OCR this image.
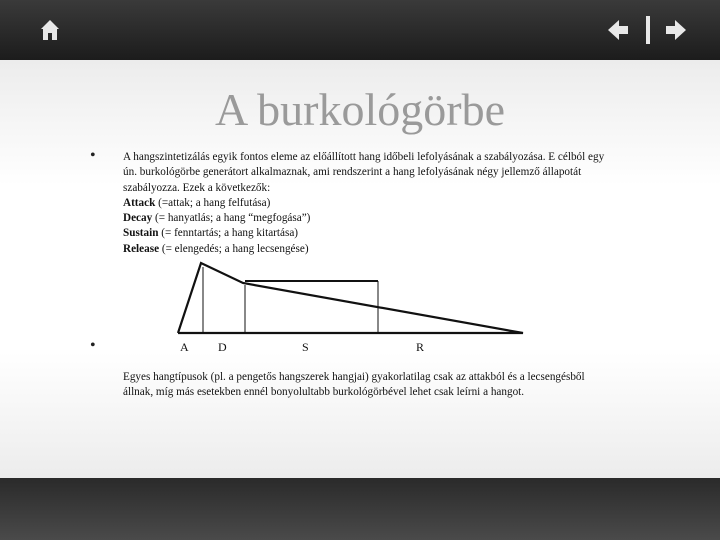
A burkológörbe
•
•
A hangszintetizálás egyik fontos eleme az előállított hang időbeli lefolyásának a szabályozása. E célból egy
ún. burkológörbe generátort alkalmaznak, ami rendszerint a hang lefolyásának négy jellemző állapotát
szabályozza. Ezek a következők:
Attack (=attak; a hang felfutása)
Decay (= hanyatlás; a hang “megfogása”)
Sustain (= fenntartás; a hang kitartása)
Release (= elengedés; a hang lecsengése)
A D	S	R
Egyes hangtípusok (pl. a pengetős hangszerek hangjai) gyakorlatilag csak az attakból és a lecsengésből
állnak, míg más esetekben ennél bonyolultabb burkológörbével lehet csak leírni a hangot.
